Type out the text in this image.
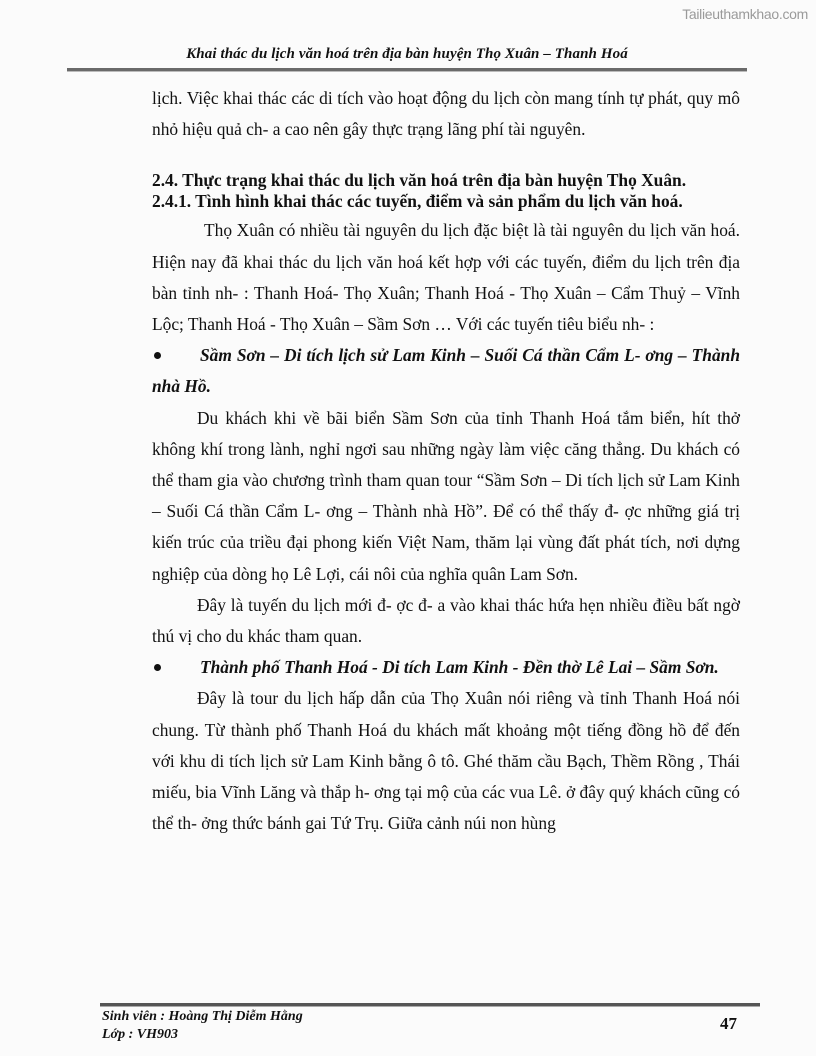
Tailieuthamkhao.com
Khai thác du lịch văn hoá trên địa bàn huyện Thọ Xuân – Thanh Hoá

lịch. Việc khai thác các di tích vào hoạt động du lịch còn mang tính tự phát, quy mô nhỏ hiệu quả ch- a cao nên gây thực trạng lãng phí tài nguyên.

2.4. Thực trạng khai thác du lịch văn hoá trên địa bàn huyện Thọ Xuân.

2.4.1. Tình hình khai thác các tuyến, điểm và sản phẩm du lịch văn hoá.

Thọ Xuân có nhiều tài nguyên du lịch đặc biệt là tài nguyên du lịch văn hoá. Hiện nay đã khai thác du lịch văn hoá kết hợp với các tuyến, điểm du lịch trên địa bàn tỉnh nh- : Thanh Hoá- Thọ Xuân; Thanh Hoá - Thọ Xuân – Cẩm Thuỷ – Vĩnh Lộc; Thanh Hoá - Thọ Xuân – Sầm Sơn … Với các tuyến tiêu biểu nh- :

Sầm Sơn – Di tích lịch sử Lam Kinh – Suối Cá thần Cẩm L- ơng – Thành nhà Hồ.

Du khách khi về bãi biển Sầm Sơn của tỉnh Thanh Hoá tắm biển, hít thở không khí trong lành, nghỉ ngơi sau những ngày làm việc căng thẳng. Du khách có thể tham gia vào chương trình tham quan tour “Sầm Sơn – Di tích lịch sử Lam Kinh – Suối Cá thần Cẩm L- ơng – Thành nhà Hồ”. Để có thể thấy đ- ợc những giá trị kiến trúc của triều đại phong kiến Việt Nam, thăm lại vùng đất phát tích, nơi dựng nghiệp của dòng họ Lê Lợi, cái nôi của nghĩa quân Lam Sơn.

Đây là tuyến du lịch mới đ- ợc đ- a vào khai thác hứa hẹn nhiều điều bất ngờ thú vị cho du khác tham quan.

Thành phố Thanh Hoá - Di tích Lam Kinh - Đền thờ Lê Lai – Sầm Sơn.

Đây là tour du lịch hấp dẫn của Thọ Xuân nói riêng và tỉnh Thanh Hoá nói chung. Từ thành phố Thanh Hoá du khách mất khoảng một tiếng đồng hồ để đến với khu di tích lịch sử Lam Kinh bằng ô tô. Ghé thăm cầu Bạch, Thềm Rồng , Thái miếu, bia Vĩnh Lăng và thắp h- ơng tại mộ của các vua Lê. ở đây quý khách cũng có thể th- ởng thức bánh gai Tứ Trụ. Giữa cảnh núi non hùng

Sinh viên : Hoàng Thị Diễm Hằng
Lớp : VH903
47
